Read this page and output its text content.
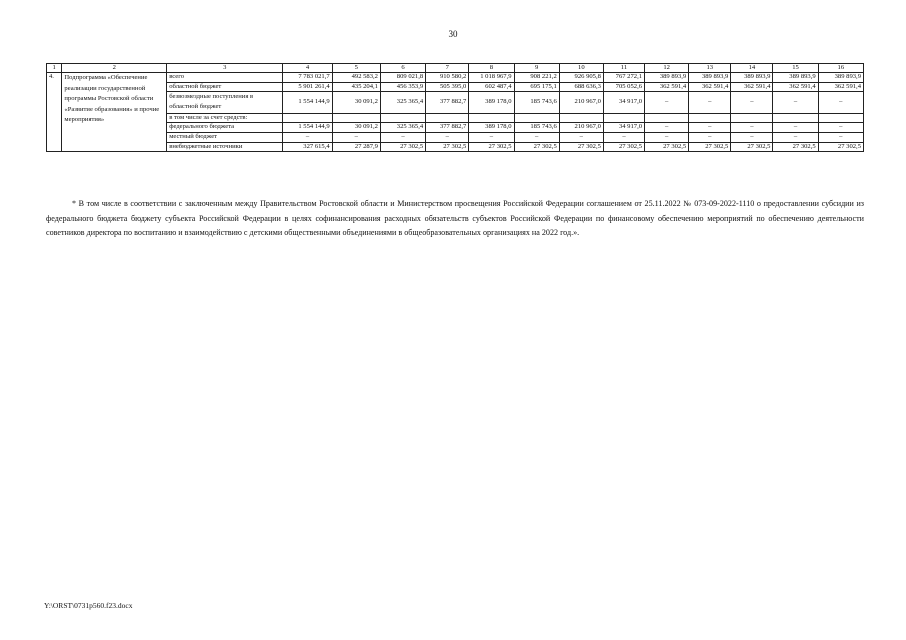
30
1	2	3	4	5	6	7	8	9	10	11	12	13	14	15	16
4.	Подпрограмма «Обеспечение реализации государственной программы Ростовской области «Развитие образования» и прочие мероприятия»	всего	7 783 021,7	492 583,2	809 021,8	910 580,2	1 018 967,9	908 221,2	926 905,8	767 272,1	389 893,9	389 893,9	389 893,9	389 893,9	389 893,9
		областной бюджет	5 901 261,4	435 204,1	456 353,9	505 395,0	602 487,4	695 175,1	688 636,3	705 052,6	362 591,4	362 591,4	362 591,4	362 591,4	362 591,4
		безвозмездные поступления в областной бюджет	1 554 144,9	30 091,2	325 365,4	377 882,7	389 178,0	185 743,6	210 967,0	34 917,0	–	–	–	–	–
		в том числе за счет средств:													
		федерального бюджета	1 554 144,9	30 091,2	325 365,4	377 882,7	389 178,0	185 743,6	210 967,0	34 917,0	–	–	–	–	–
		местный бюджет	–	–	–	–	–	–	–	–	–	–	–	–	–
		внебюджетные источники	327 615,4	27 287,9	27 302,5	27 302,5	27 302,5	27 302,5	27 302,5	27 302,5	27 302,5	27 302,5	27 302,5	27 302,5	27 302,5
* В том числе в соответствии с заключенным между Правительством Ростовской области и Министерством просвещения Российской Федерации соглашением от 25.11.2022 № 073-09-2022-1110 о предоставлении субсидии из федерального бюджета бюджету субъекта Российской Федерации в целях софинансирования расходных обязательств субъектов Российской Федерации по финансовому обеспечению мероприятий по обеспечению деятельности советников директора по воспитанию и взаимодействию с детскими общественными объединениями в общеобразовательных организациях на 2022 год.».
Y:\ORST\0731p560.f23.docx
